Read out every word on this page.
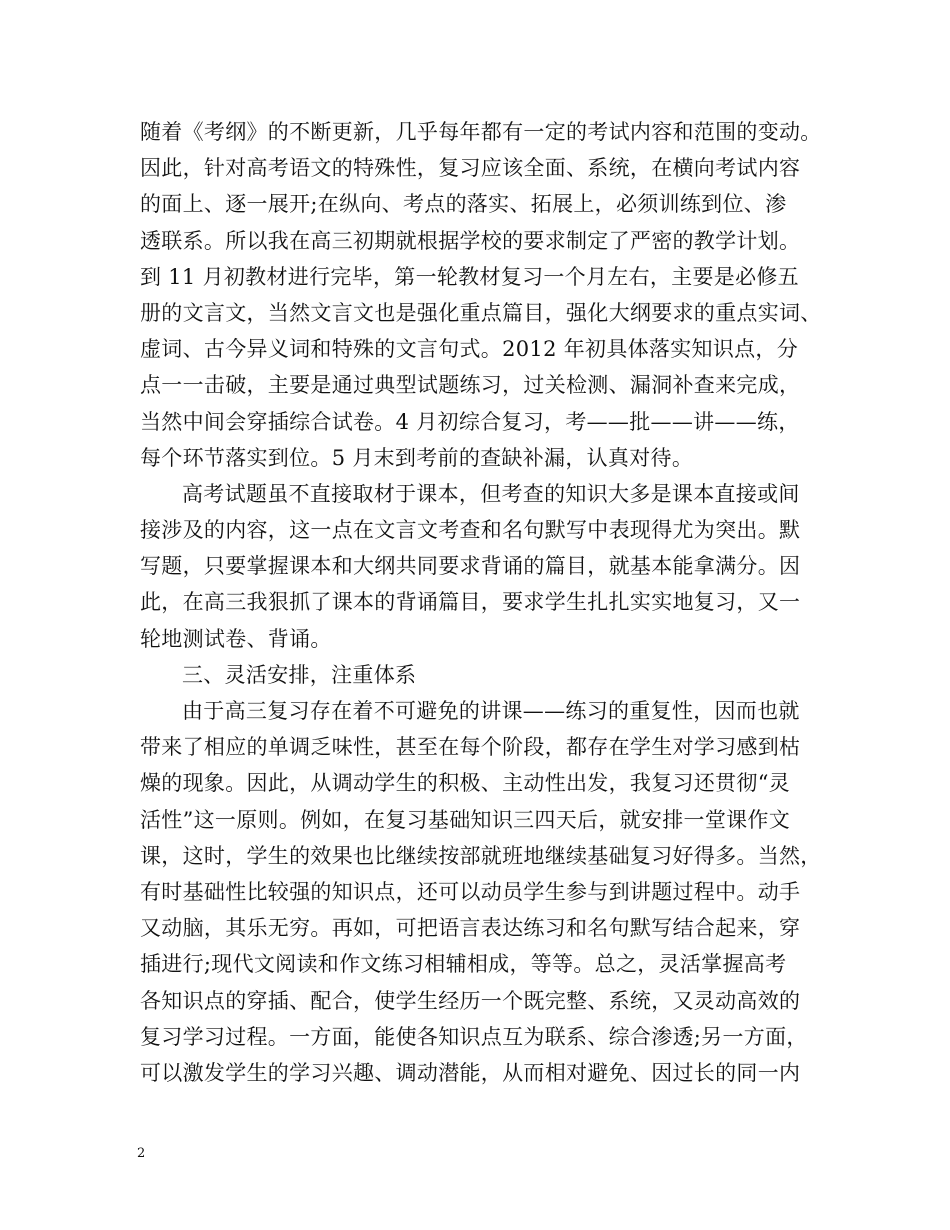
随着《考纲》的不断更新，几乎每年都有一定的考试内容和范围的变动。
因此，针对高考语文的特殊性，复习应该全面、系统，在横向考试内容
的面上、逐一展开;在纵向、考点的落实、拓展上，必须训练到位、渗
透联系。所以我在高三初期就根据学校的要求制定了严密的教学计划。
到 11 月初教材进行完毕，第一轮教材复习一个月左右，主要是必修五
册的文言文，当然文言文也是强化重点篇目，强化大纲要求的重点实词、
虚词、古今异义词和特殊的文言句式。2012 年初具体落实知识点，分
点一一击破，主要是通过典型试题练习，过关检测、漏洞补查来完成，
当然中间会穿插综合试卷。4 月初综合复习，考——批——讲——练，
每个环节落实到位。5 月末到考前的查缺补漏，认真对待。
高考试题虽不直接取材于课本，但考查的知识大多是课本直接或间
接涉及的内容，这一点在文言文考查和名句默写中表现得尤为突出。默
写题，只要掌握课本和大纲共同要求背诵的篇目，就基本能拿满分。因
此，在高三我狠抓了课本的背诵篇目，要求学生扎扎实实地复习，又一
轮地测试卷、背诵。
三、灵活安排，注重体系
由于高三复习存在着不可避免的讲课——练习的重复性，因而也就
带来了相应的单调乏味性，甚至在每个阶段，都存在学生对学习感到枯
燥的现象。因此，从调动学生的积极、主动性出发，我复习还贯彻“灵
活性”这一原则。例如，在复习基础知识三四天后，就安排一堂课作文
课，这时，学生的效果也比继续按部就班地继续基础复习好得多。当然，
有时基础性比较强的知识点，还可以动员学生参与到讲题过程中。动手
又动脑，其乐无穷。再如，可把语言表达练习和名句默写结合起来，穿
插进行;现代文阅读和作文练习相辅相成，等等。总之，灵活掌握高考
各知识点的穿插、配合，使学生经历一个既完整、系统，又灵动高效的
复习学习过程。一方面，能使各知识点互为联系、综合渗透;另一方面，
可以激发学生的学习兴趣、调动潜能，从而相对避免、因过长的同一内
2
